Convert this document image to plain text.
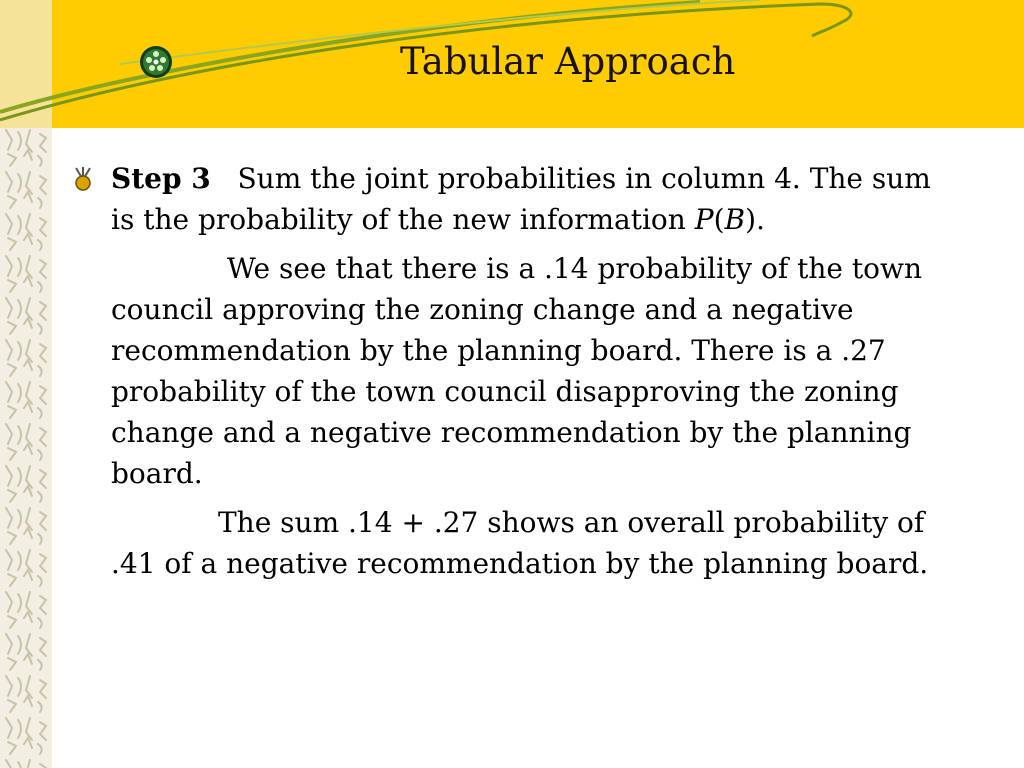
Tabular Approach

Step 3 Sum the joint probabilities in column 4. The sum is the probability of the new information P(B).

We see that there is a .14 probability of the town council approving the zoning change and a negative recommendation by the planning board. There is a .27 probability of the town council disapproving the zoning change and a negative recommendation by the planning board.

The sum .14 + .27 shows an overall probability of .41 of a negative recommendation by the planning board.
